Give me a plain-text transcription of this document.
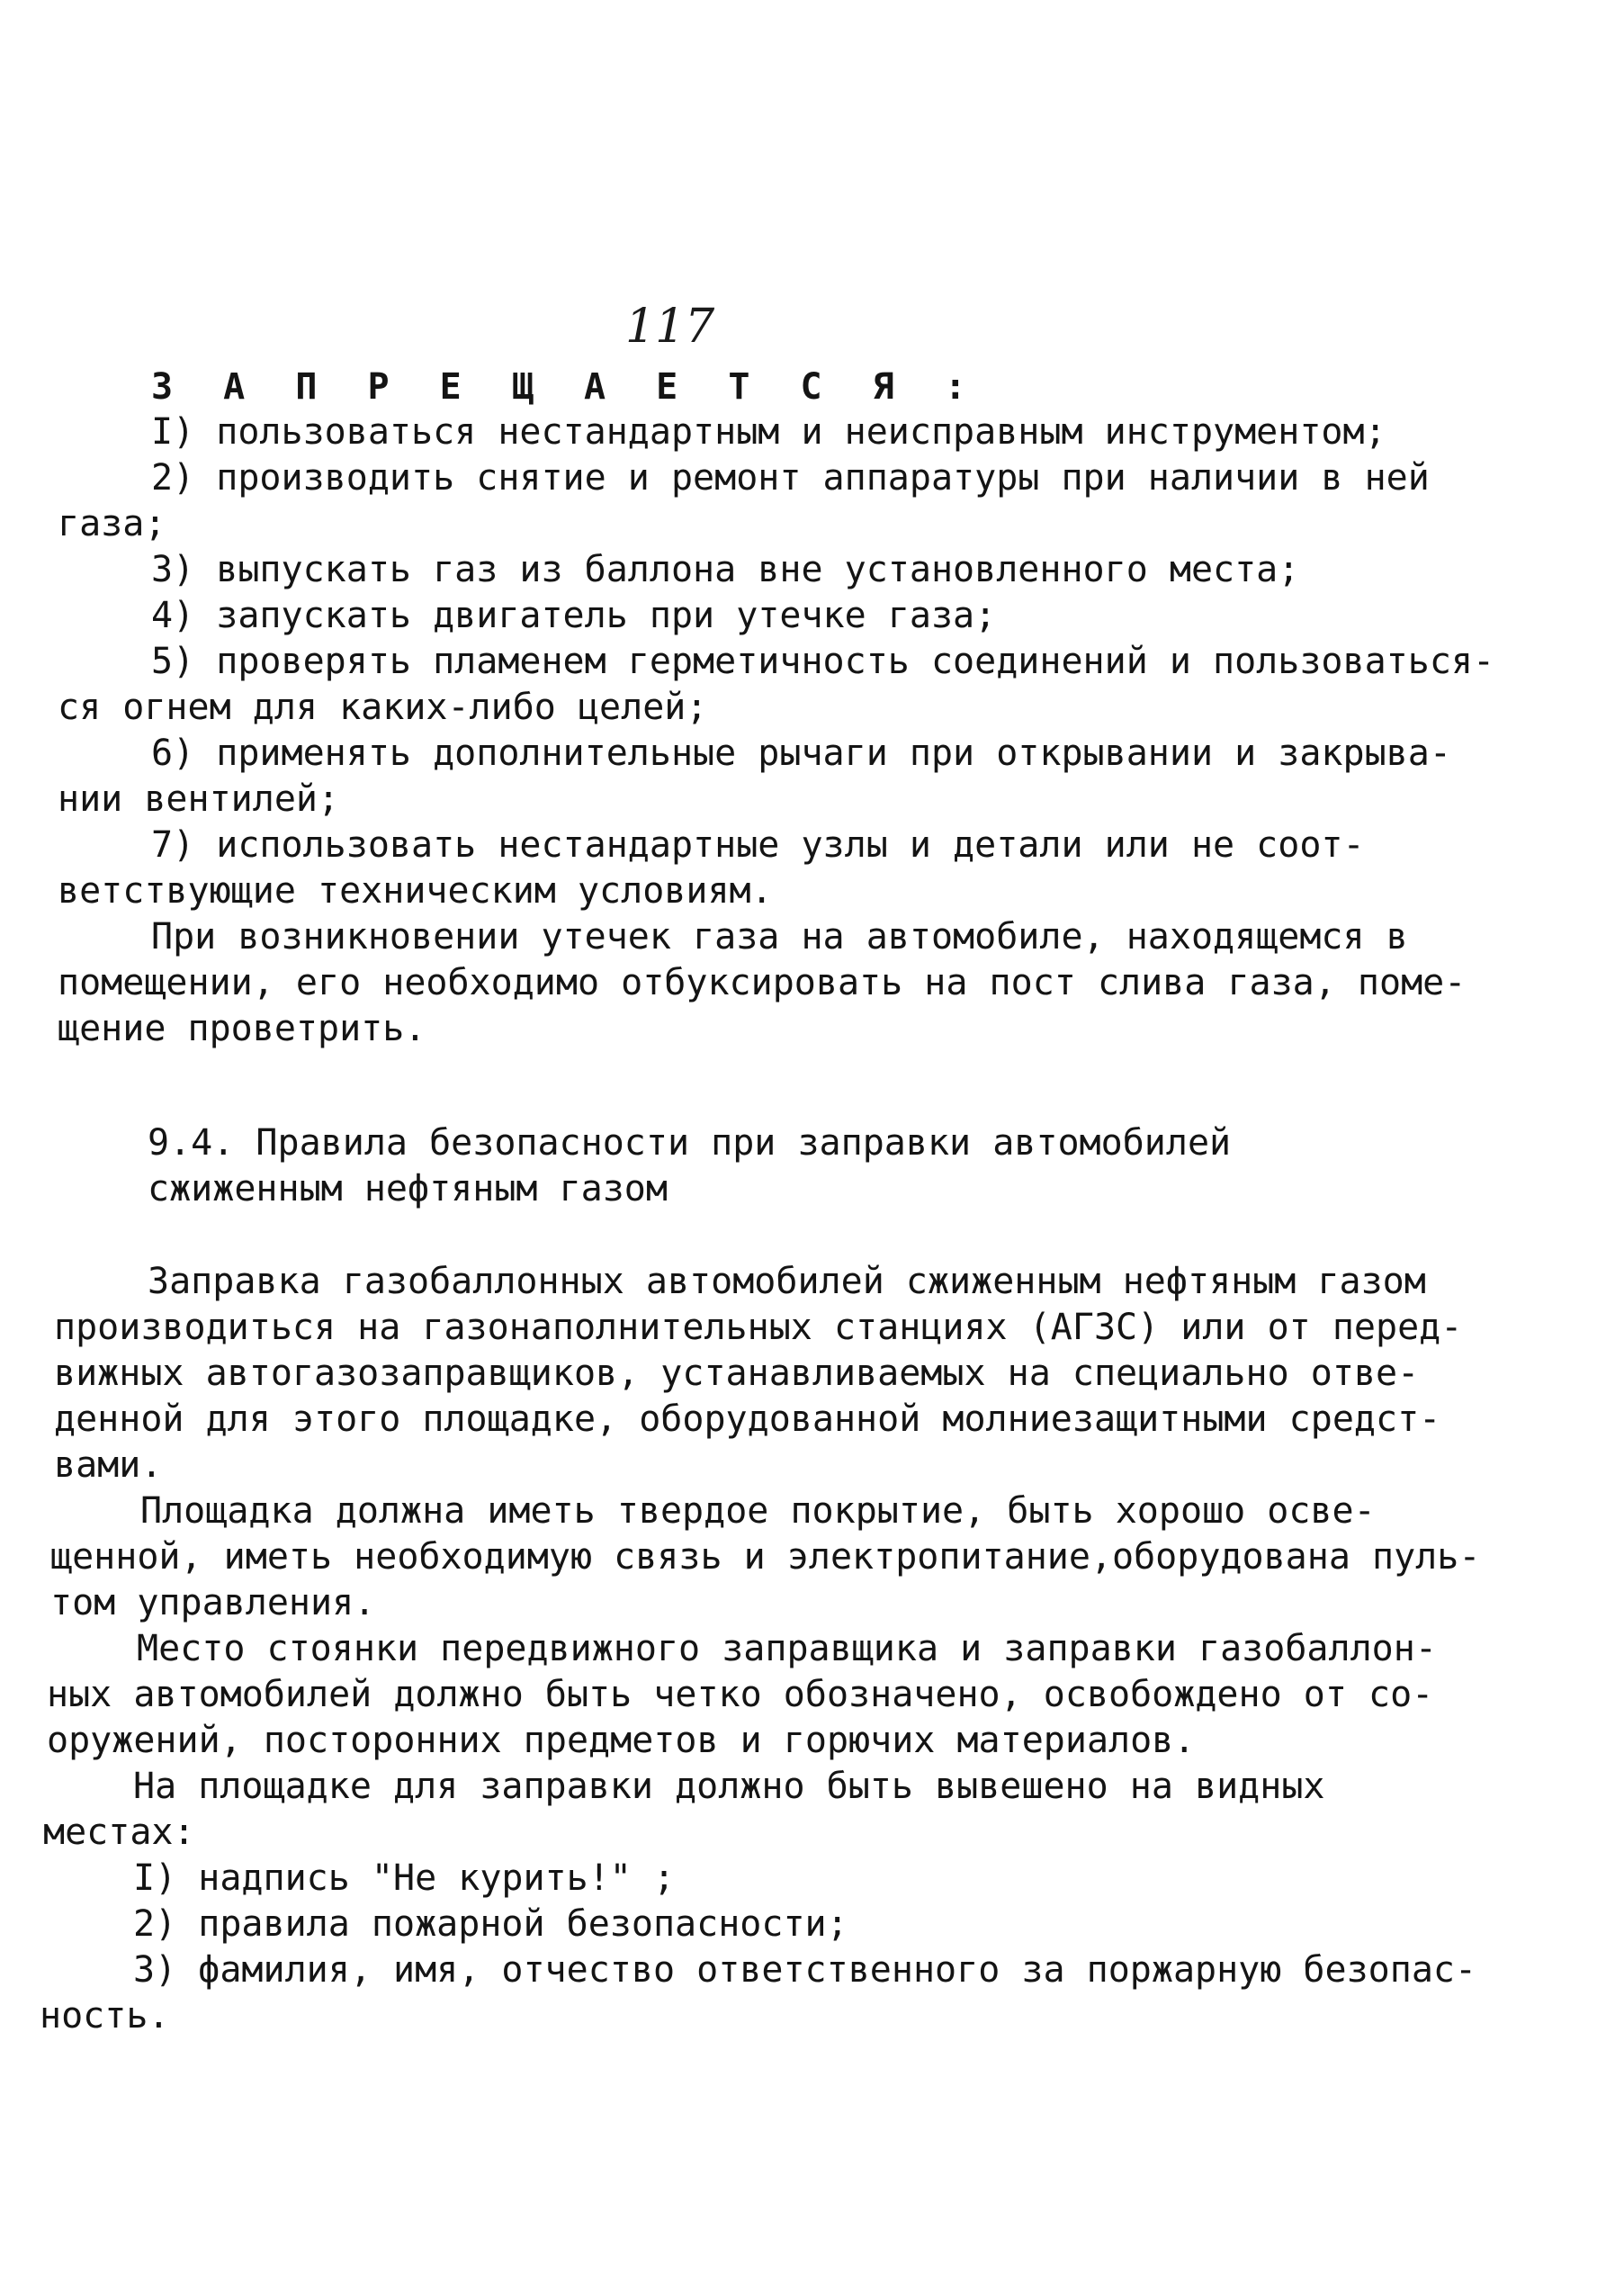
117
З А П Р Е Щ А Е Т С Я :
I) пользоваться нестандартным и неисправным инструментом;
2) производить снятие и ремонт аппаратуры при наличии в ней
газа;
3) выпускать газ из баллона вне установленного места;
4) запускать двигатель при утечке газа;
5) проверять пламенем герметичность соединений и пользоваться-
ся огнем для каких-либо целей;
6) применять дополнительные рычаги при открывании и закрыва-
нии вентилей;
7) использовать нестандартные узлы и детали или не соот-
ветствующие техническим условиям.
При возникновении утечек газа на автомобиле, находящемся в
помещении, его необходимо отбуксировать на пост слива газа, поме-
щение проветрить.
9.4. Правила безопасности при заправки автомобилей
сжиженным нефтяным газом
Заправка газобаллонных автомобилей сжиженным нефтяным газом
производиться на газонаполнительных станциях (АГЗС) или от перед-
вижных автогазозаправщиков, устанавливаемых на специально отве-
денной для этого площадке, оборудованной молниезащитными средст-
вами.
Площадка должна иметь твердое покрытие, быть хорошо осве-
щенной, иметь необходимую связь и электропитание,оборудована пуль-
том управления.
Место стоянки передвижного заправщика и заправки газобаллон-
ных автомобилей должно быть четко обозначено, освобождено от со-
оружений, посторонних предметов и горючих материалов.
На площадке для заправки должно быть вывешено на видных
местах:
I) надпись "Не курить!" ;
2) правила пожарной безопасности;
3) фамилия, имя, отчество ответственного за поржарную безопас-
ность.
